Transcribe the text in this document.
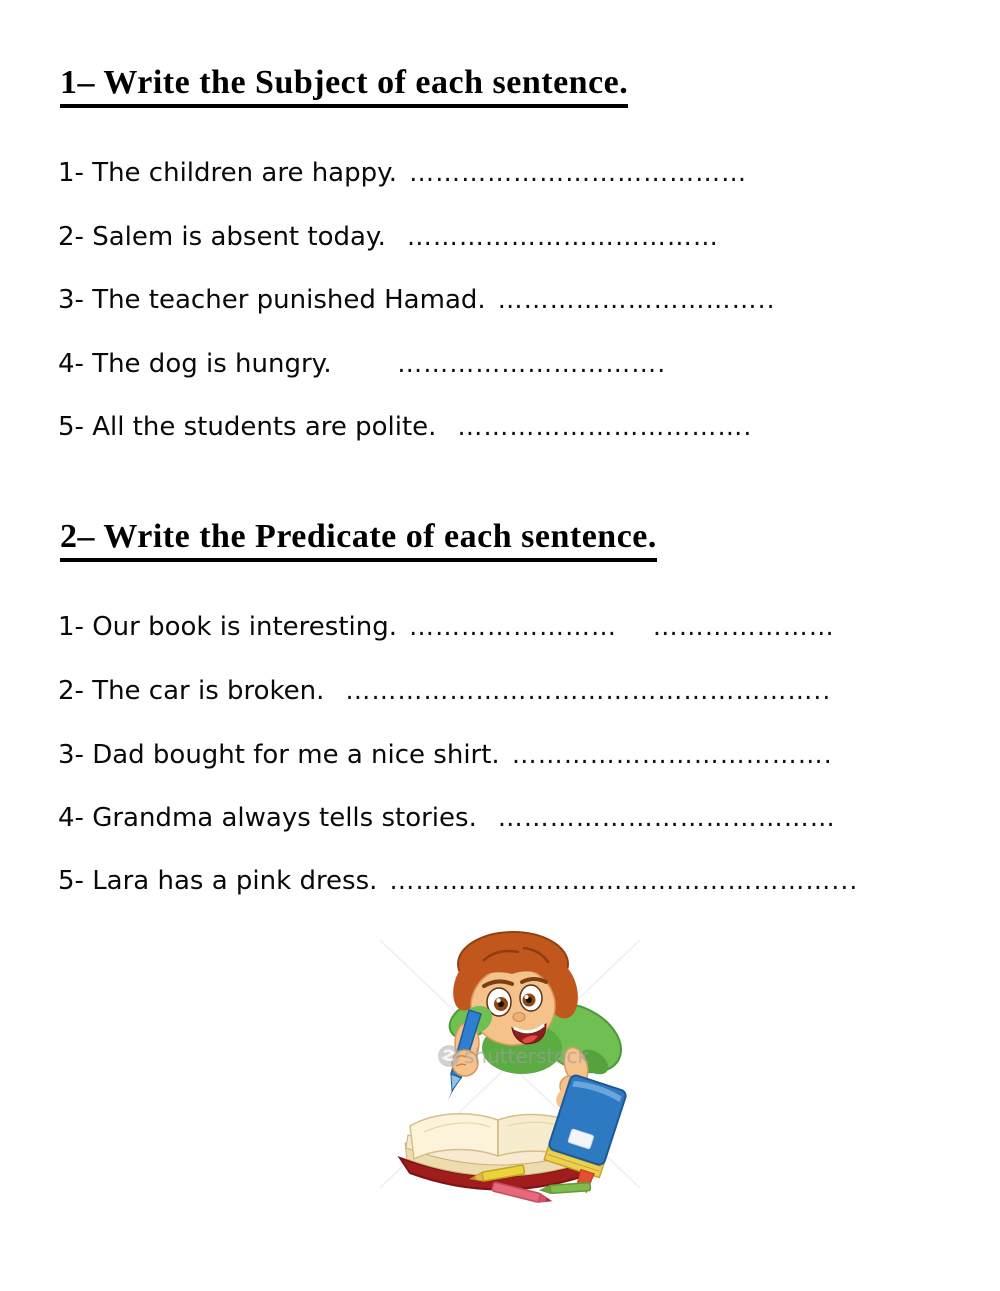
1– Write the Subject of each sentence.
1- The children are happy. …………………………………
2- Salem is absent today. ………………………………
3- The teacher punished Hamad. …………………………..
4- The dog is hungry.      ………………………….
5- All the students are polite. …………………………….
2– Write the Predicate of each sentence.
1- Our book is interesting. ……………………    …………………
2- The car is broken. ………………………………………………..
3- Dad bought for me a nice shirt. ……………………………….
4- Grandma always tells stories. …………………………………
5- Lara has a pink dress. ……………………………………………...
shutterstock
